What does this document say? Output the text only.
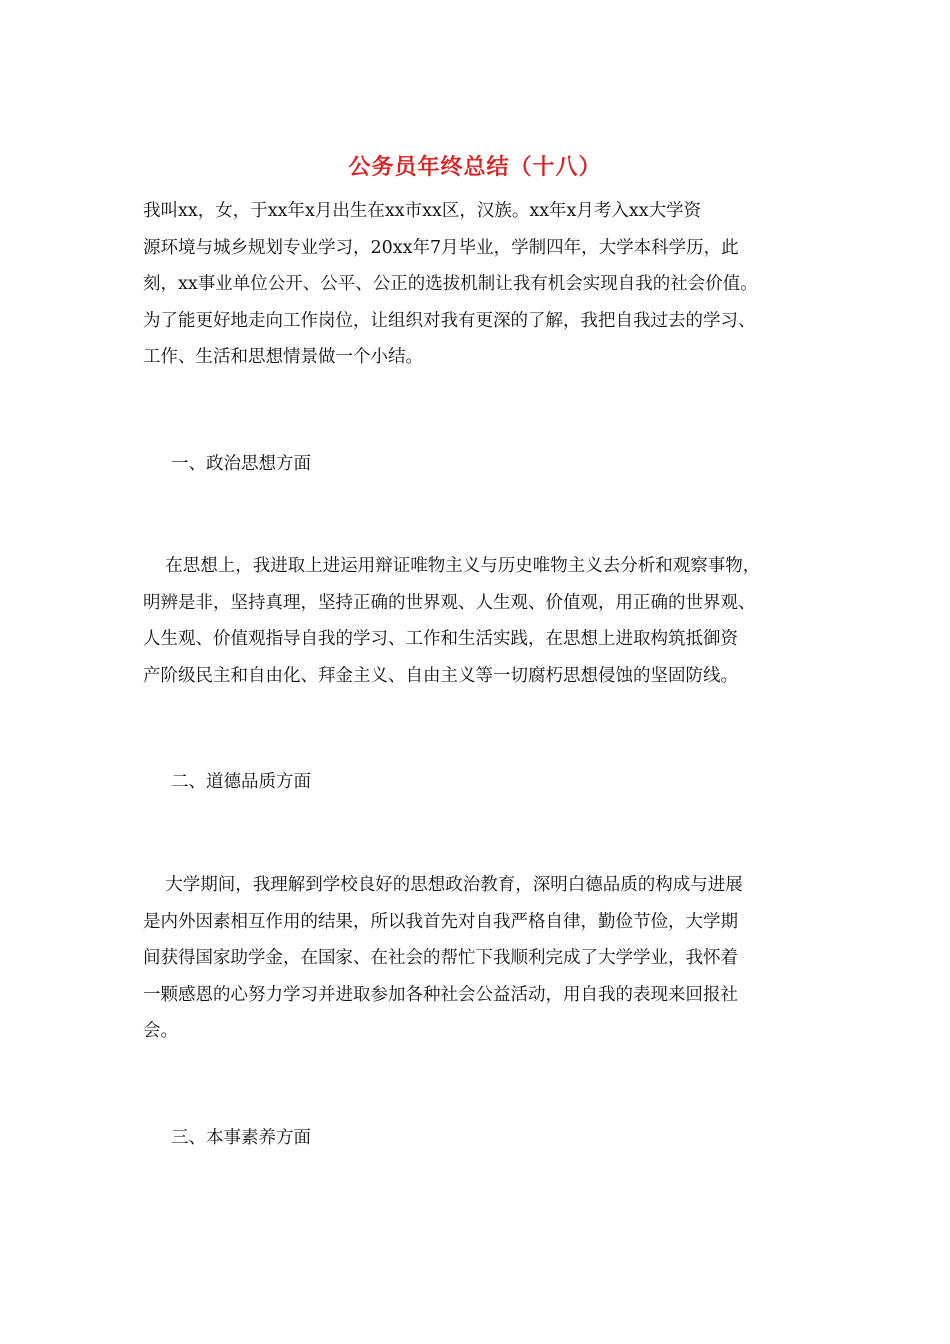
公务员年终总结（十八）
我叫xx，女，于xx年x月出生在xx市xx区，汉族。xx年x月考入xx大学资
源环境与城乡规划专业学习，20xx年7月毕业，学制四年，大学本科学历，此
刻，xx事业单位公开、公平、公正的选拔机制让我有机会实现自我的社会价值。
为了能更好地走向工作岗位，让组织对我有更深的了解，我把自我过去的学习、
工作、生活和思想情景做一个小结。
一、政治思想方面
在思想上，我进取上进运用辩证唯物主义与历史唯物主义去分析和观察事物，
明辨是非，坚持真理，坚持正确的世界观、人生观、价值观，用正确的世界观、
人生观、价值观指导自我的学习、工作和生活实践，在思想上进取构筑抵御资
产阶级民主和自由化、拜金主义、自由主义等一切腐朽思想侵蚀的坚固防线。
二、道德品质方面
大学期间，我理解到学校良好的思想政治教育，深明白德品质的构成与进展
是内外因素相互作用的结果，所以我首先对自我严格自律，勤俭节俭，大学期
间获得国家助学金，在国家、在社会的帮忙下我顺利完成了大学学业，我怀着
一颗感恩的心努力学习并进取参加各种社会公益活动，用自我的表现来回报社
会。
三、本事素养方面
